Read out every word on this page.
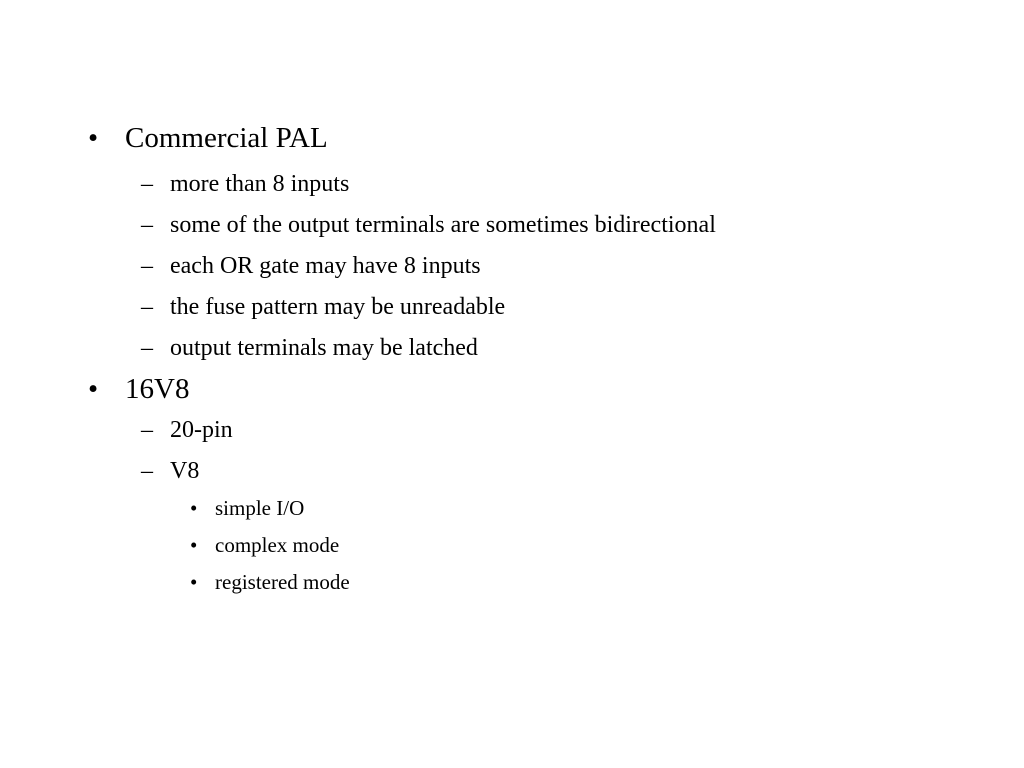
• Commercial PAL
– more than 8 inputs
– some of the output terminals are sometimes bidirectional
– each OR gate may have 8 inputs
– the fuse pattern may be unreadable
– output terminals may be latched
• 16V8
– 20-pin
– V8
• simple I/O
• complex mode
• registered mode
